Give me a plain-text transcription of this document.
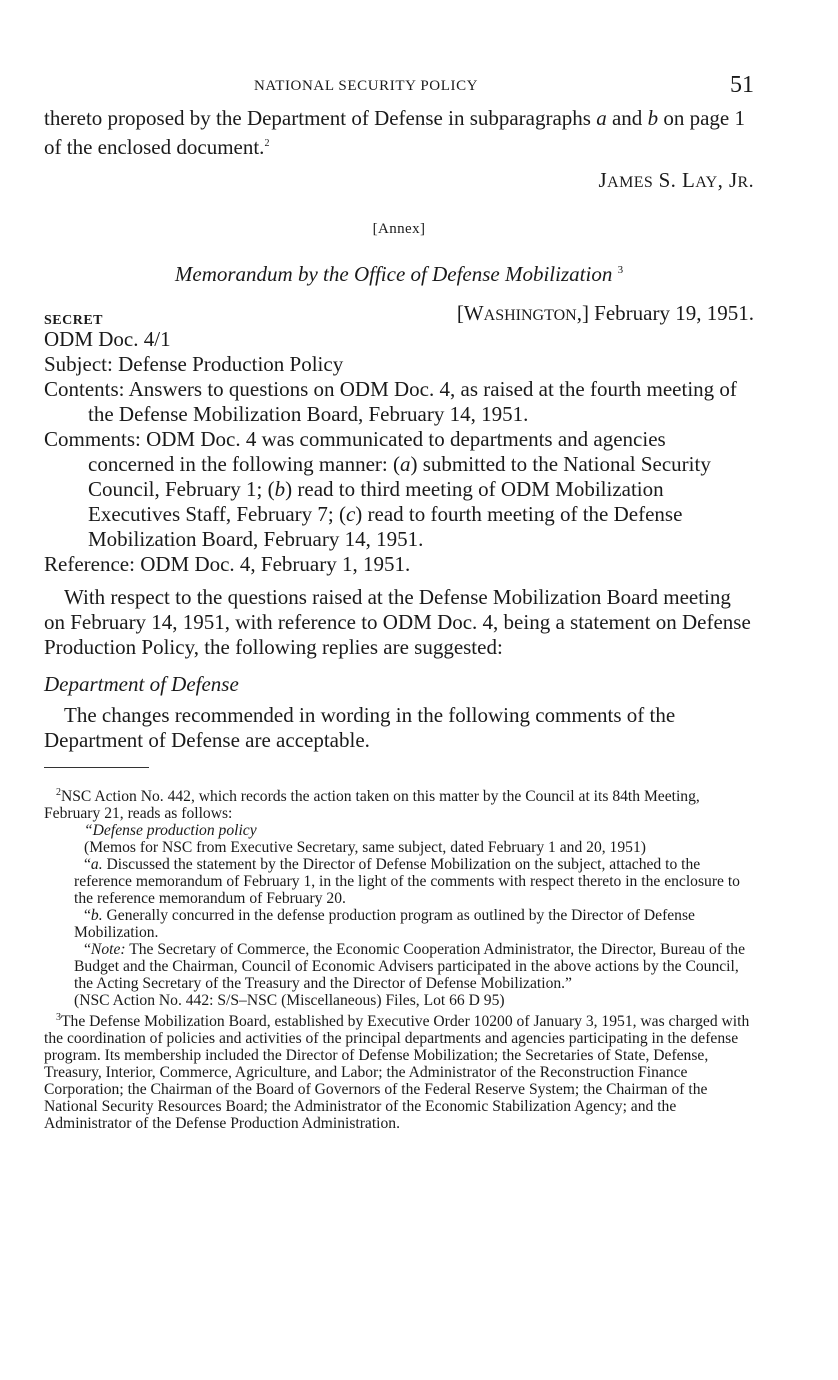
NATIONAL SECURITY POLICY	51

thereto proposed by the Department of Defense in subparagraphs a and b on page 1 of the enclosed document.$^2$

JAMES S. LAY, JR.
[Annex]
Memorandum by the Office of Defense Mobilization $^3$
SECRET	[WASHINGTON,] February 19, 1951.

ODM Doc. 4/1

Subject: Defense Production Policy

Contents: Answers to questions on ODM Doc. 4, as raised at the fourth meeting of the Defense Mobilization Board, February 14, 1951.

Comments: ODM Doc. 4 was communicated to departments and agencies concerned in the following manner: (a) submitted to the National Security Council, February 1; (b) read to third meeting of ODM Mobilization Executives Staff, February 7; (c) read to fourth meeting of the Defense Mobilization Board, February 14, 1951.

Reference: ODM Doc. 4, February 1, 1951.

With respect to the questions raised at the Defense Mobilization Board meeting on February 14, 1951, with reference to ODM Doc. 4, being a statement on Defense Production Policy, the following replies are suggested:

Department of Defense

The changes recommended in wording in the following comments of the Department of Defense are acceptable.

$^2$NSC Action No. 442, which records the action taken on this matter by the Council at its 84th Meeting, February 21, reads as follows:

“Defense production policy

(Memos for NSC from Executive Secretary, same subject, dated February 1 and 20, 1951)

“a. Discussed the statement by the Director of Defense Mobilization on the subject, attached to the reference memorandum of February 1, in the light of the comments with respect thereto in the enclosure to the reference memorandum of February 20.

“b. Generally concurred in the defense production program as outlined by the Director of Defense Mobilization.

“Note: The Secretary of Commerce, the Economic Cooperation Administrator, the Director, Bureau of the Budget and the Chairman, Council of Economic Advisers participated in the above actions by the Council, the Acting Secretary of the Treasury and the Director of Defense Mobilization.”

(NSC Action No. 442: S/S–NSC (Miscellaneous) Files, Lot 66 D 95)

$^3$The Defense Mobilization Board, established by Executive Order 10200 of January 3, 1951, was charged with the coordination of policies and activities of the principal departments and agencies participating in the defense program. Its membership included the Director of Defense Mobilization; the Secretaries of State, Defense, Treasury, Interior, Commerce, Agriculture, and Labor; the Administrator of the Reconstruction Finance Corporation; the Chairman of the Board of Governors of the Federal Reserve System; the Chairman of the National Security Resources Board; the Administrator of the Economic Stabilization Agency; and the Administrator of the Defense Production Administration.
